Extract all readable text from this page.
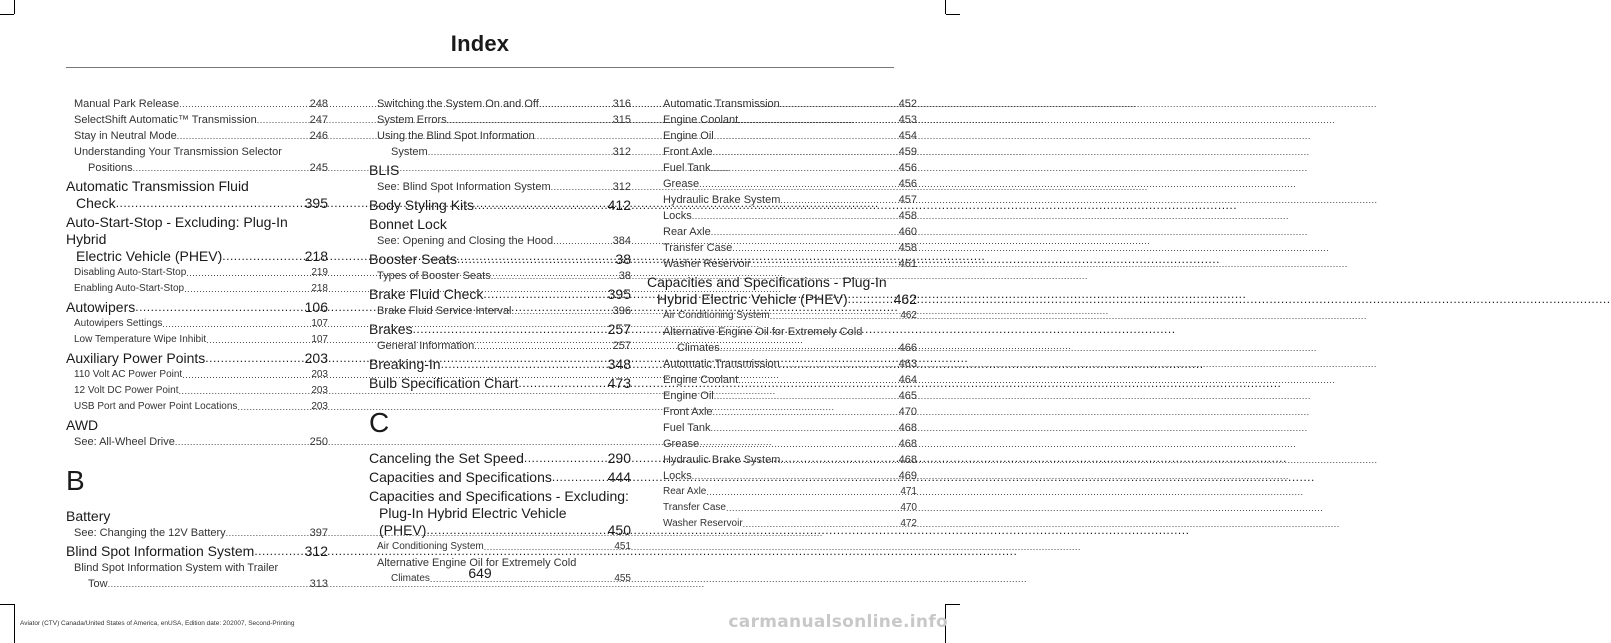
Index
Manual Park Release .....	248
SelectShift Automatic™ Transmission .....	247
Stay in Neutral Mode .....	246
Understanding Your Transmission Selector
Positions .....	245
Automatic Transmission Fluid
Check .....	395
Auto-Start-Stop - Excluding: Plug-In Hybrid
Electric Vehicle (PHEV) .....	218
Disabling Auto-Start-Stop .....	219
Enabling Auto-Start-Stop .....	218
Autowipers .....	106
Autowipers Settings .....	107
Low Temperature Wipe Inhibit .....	107
Auxiliary Power Points .....	203
110 Volt AC Power Point .....	203
12 Volt DC Power Point .....	203
USB Port and Power Point Locations .....	203
AWD
See: All-Wheel Drive .....	250
B
Battery
See: Changing the 12V Battery .....	397
Blind Spot Information System .....	312
Blind Spot Information System with Trailer
Tow .....	313
Switching the System On and Off .....	316
System Errors .....	315
Using the Blind Spot Information
System .....	312
BLIS
See: Blind Spot Information System .....	312
Body Styling Kits .....	412
Bonnet Lock
See: Opening and Closing the Hood .....	384
Booster Seats .....	38
Types of Booster Seats .....	38
Brake Fluid Check .....	395
Brake Fluid Service Interval .....	396
Brakes .....	257
General Information .....	257
Breaking-In .....	348
Bulb Specification Chart .....	473
C
Canceling the Set Speed .....	290
Capacities and Specifications .....	444
Capacities and Specifications - Excluding:
Plug-In Hybrid Electric Vehicle
(PHEV) .....	450
Air Conditioning System .....	451
Alternative Engine Oil for Extremely Cold
Climates .....	455
Automatic Transmission .....	452
Engine Coolant .....	453
Engine Oil .....	454
Front Axle .....	459
Fuel Tank .....	456
Grease .....	456
Hydraulic Brake System .....	457
Locks .....	458
Rear Axle .....	460
Transfer Case .....	458
Washer Reservoir .....	461
Capacities and Specifications - Plug-In
Hybrid Electric Vehicle (PHEV) .....	462
Air Conditioning System .....	462
Alternative Engine Oil for Extremely Cold
Climates .....	466
Automatic Transmission .....	463
Engine Coolant .....	464
Engine Oil .....	465
Front Axle .....	470
Fuel Tank .....	468
Grease .....	468
Hydraulic Brake System .....	468
Locks .....	469
Rear Axle .....	471
Transfer Case .....	470
Washer Reservoir .....	472
649
Aviator (CTV) Canada/United States of America, enUSA, Edition date: 202007, Second-Printing	carmanualsonline.info
